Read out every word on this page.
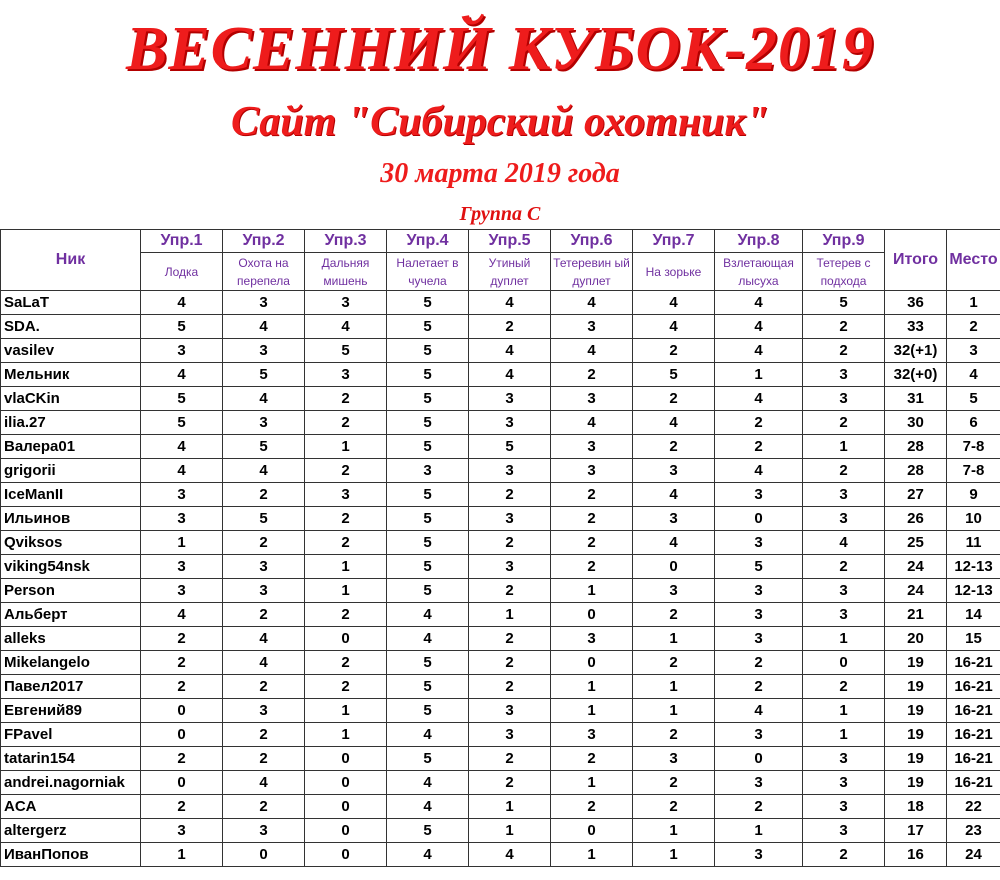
ВЕСЕННИЙ КУБОК-2019
Сайт "Сибирский охотник"
30 марта 2019 года
Группа С
Ник	Упр.1	Упр.2	Упр.3	Упр.4	Упр.5	Упр.6	Упр.7	Упр.8	Упр.9	Итого	Место
	Лодка	Охота на перепела	Дальняя мишень	Налетает в чучела	Утиный дуплет	Тетеревин ый дуплет	На зорьке	Взлетающая лысуха	Тетерев с подхода		
SaLaT	4	3	3	5	4	4	4	4	5	36	1
SDA.	5	4	4	5	2	3	4	4	2	33	2
vasilev	3	3	5	5	4	4	2	4	2	32(+1)	3
Мельник	4	5	3	5	4	2	5	1	3	32(+0)	4
vlaCKin	5	4	2	5	3	3	2	4	3	31	5
ilia.27	5	3	2	5	3	4	4	2	2	30	6
Валера01	4	5	1	5	5	3	2	2	1	28	7-8
grigorii	4	4	2	3	3	3	3	4	2	28	7-8
IceManII	3	2	3	5	2	2	4	3	3	27	9
Ильинов	3	5	2	5	3	2	3	0	3	26	10
Qviksos	1	2	2	5	2	2	4	3	4	25	11
viking54nsk	3	3	1	5	3	2	0	5	2	24	12-13
Person	3	3	1	5	2	1	3	3	3	24	12-13
Альберт	4	2	2	4	1	0	2	3	3	21	14
alleks	2	4	0	4	2	3	1	3	1	20	15
Mikelangelo	2	4	2	5	2	0	2	2	0	19	16-21
Павел2017	2	2	2	5	2	1	1	2	2	19	16-21
Евгений89	0	3	1	5	3	1	1	4	1	19	16-21
FPavel	0	2	1	4	3	3	2	3	1	19	16-21
tatarin154	2	2	0	5	2	2	3	0	3	19	16-21
andrei.nagorniak	0	4	0	4	2	1	2	3	3	19	16-21
ACA	2	2	0	4	1	2	2	2	3	18	22
altergerz	3	3	0	5	1	0	1	1	3	17	23
ИванПопов	1	0	0	4	4	1	1	3	2	16	24
